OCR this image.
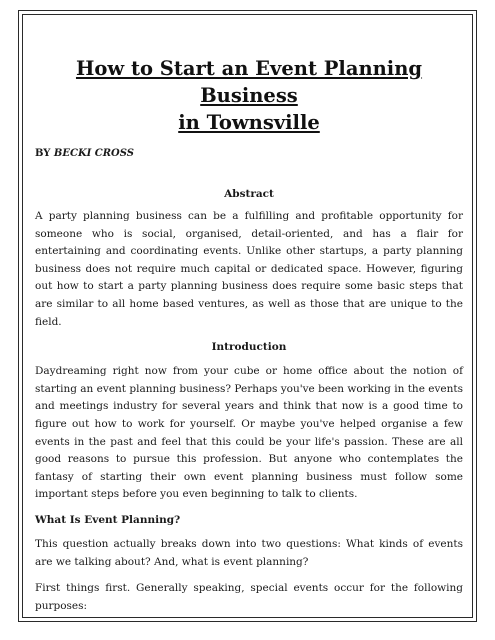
How to Start an Event Planning Business
in Townsville

BY BECKI CROSS

Abstract

A party planning business can be a fulfilling and profitable opportunity for someone who is social, organised, detail-oriented, and has a flair for entertaining and coordinating events. Unlike other startups, a party planning business does not require much capital or dedicated space. However, figuring out how to start a party planning business does require some basic steps that are similar to all home based ventures, as well as those that are unique to the field.

Introduction

Daydreaming right now from your cube or home office about the notion of starting an event planning business? Perhaps you've been working in the events and meetings industry for several years and think that now is a good time to figure out how to work for yourself. Or maybe you've helped organise a few events in the past and feel that this could be your life's passion. These are all good reasons to pursue this profession. But anyone who contemplates the fantasy of starting their own event planning business must follow some important steps before you even beginning to talk to clients.

What Is Event Planning?

This question actually breaks down into two questions: What kinds of events are we talking about? And, what is event planning?

First things first. Generally speaking, special events occur for the following purposes:
